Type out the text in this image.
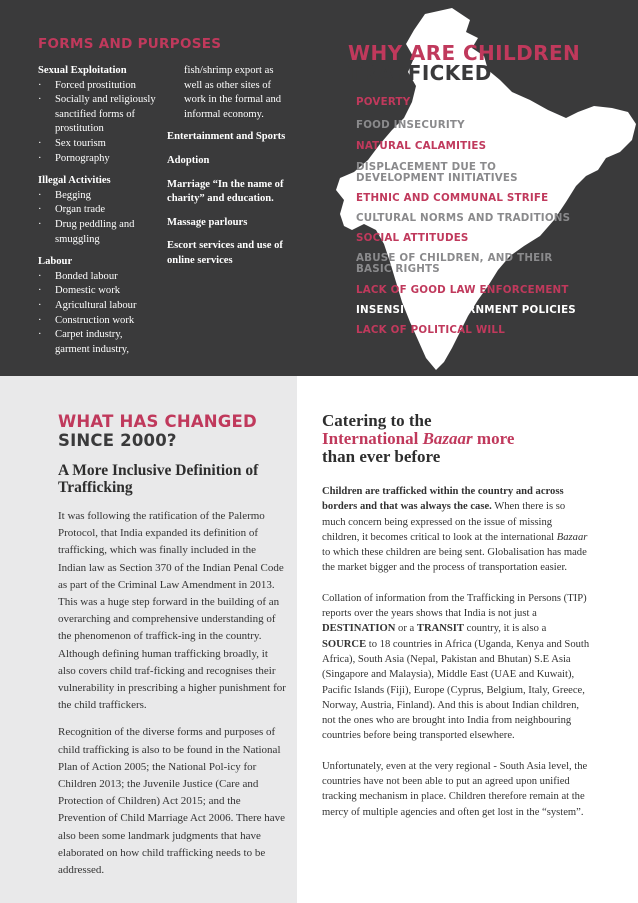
FORMS AND PURPOSES
Sexual Exploitation
· Forced prostitution
· Socially and religiously sanctified forms of prostitution
· Sex tourism
· Pornography
Illegal Activities
· Begging
· Organ trade
· Drug peddling and smuggling
Labour
· Bonded labour
· Domestic work
· Agricultural labour
· Construction work
· Carpet industry, garment industry,
fish/shrimp export as well as other sites of work in the formal and informal economy.
Entertainment and Sports
Adoption
Marriage “In the name of charity” and education.
Massage parlours
Escort services and use of online services
WHY ARE CHILDREN
TRAFFICKED
POVERTY
FOOD INSECURITY
NATURAL CALAMITIES
DISPLACEMENT DUE TO
DEVELOPMENT INITIATIVES
ETHNIC AND COMMUNAL STRIFE
CULTURAL NORMS AND TRADITIONS
SOCIAL ATTITUDES
ABUSE OF CHILDREN, AND THEIR
BASIC RIGHTS
LACK OF GOOD LAW ENFORCEMENT
INSENSITIVE GOVERNMENT POLICIES
LACK OF POLITICAL WILL
WHAT HAS CHANGED
SINCE 2000?
A More Inclusive Definition of Trafficking

It was following the ratification of the Palermo Protocol, that India expanded its definition of trafficking, which was finally included in the Indian law as Section 370 of the Indian Penal Code as part of the Criminal Law Amendment in 2013. This was a huge step forward in the building of an overarching and comprehensive understanding of the phenomenon of traffick-ing in the country. Although defining human trafficking broadly, it also covers child traf-ficking and recognises their vulnerability in prescribing a higher punishment for the child traffickers.

Recognition of the diverse forms and purposes of child trafficking is also to be found in the National Plan of Action 2005; the National Pol-icy for Children 2013; the Juvenile Justice (Care and Protection of Children) Act 2015; and the Prevention of Child Marriage Act 2006. There have also been some landmark judgments that have elaborated on how child trafficking needs to be addressed.

Catering to the
International Bazaar more
than ever before

Children are trafficked within the country and across borders and that was always the case. When there is so much concern being expressed on the issue of missing children, it becomes critical to look at the international Bazaar to which these children are being sent. Globalisation has made the market bigger and the process of transportation easier.

Collation of information from the Trafficking in Persons (TIP) reports over the years shows that India is not just a DESTINATION or a TRANSIT country, it is also a SOURCE to 18 countries in Africa (Uganda, Kenya and South Africa), South Asia (Nepal, Pakistan and Bhutan) S.E Asia (Singapore and Malaysia), Middle East (UAE and Kuwait), Pacific Islands (Fiji), Europe (Cyprus, Belgium, Italy, Greece, Norway, Austria, Finland). And this is about Indian children, not the ones who are brought into India from neighbouring countries before being transported elsewhere.

Unfortunately, even at the very regional - South Asia level, the countries have not been able to put an agreed upon unified tracking mechanism in place. Children therefore remain at the mercy of multiple agencies and often get lost in the “system”.
